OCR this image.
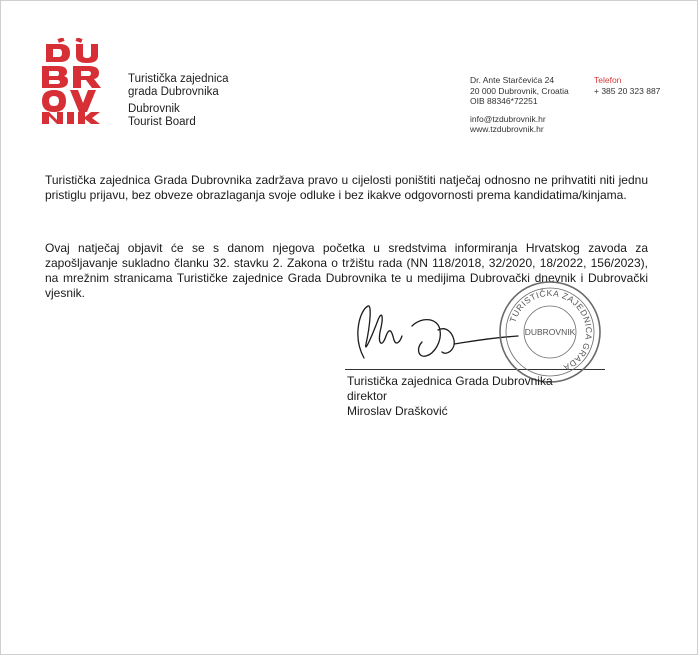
Turistička zajednica
grada Dubrovnika
Dubrovnik
Tourist Board
Dr. Ante Starčevića 24
20 000 Dubrovnik, Croatia
OIB 88346*72251
info@tzdubrovnik.hr
www.tzdubrovnik.hr
Telefon
+ 385 20 323 887
Turistička zajednica Grada Dubrovnika zadržava pravo u cijelosti poništiti natječaj odnosno ne prihvatiti niti jednu pristiglu prijavu, bez obveze obrazlaganja svoje odluke i bez ikakve odgovornosti prema kandidatima/kinjama.
Ovaj natječaj objavit će se s danom njegova početka u sredstvima informiranja Hrvatskog zavoda za zapošljavanje sukladno članku 32. stavku 2. Zakona o tržištu rada (NN 118/2018, 32/2020, 18/2022, 156/2023), na mrežnim stranicama Turističke zajednice Grada Dubrovnika te u medijima Dubrovački dnevnik i Dubrovački vjesnik.
TURISTIČKA ZAJEDNICA GRADA
DUBROVNIK
Turistička zajednica Grada Dubrovnika
direktor
Miroslav Drašković
